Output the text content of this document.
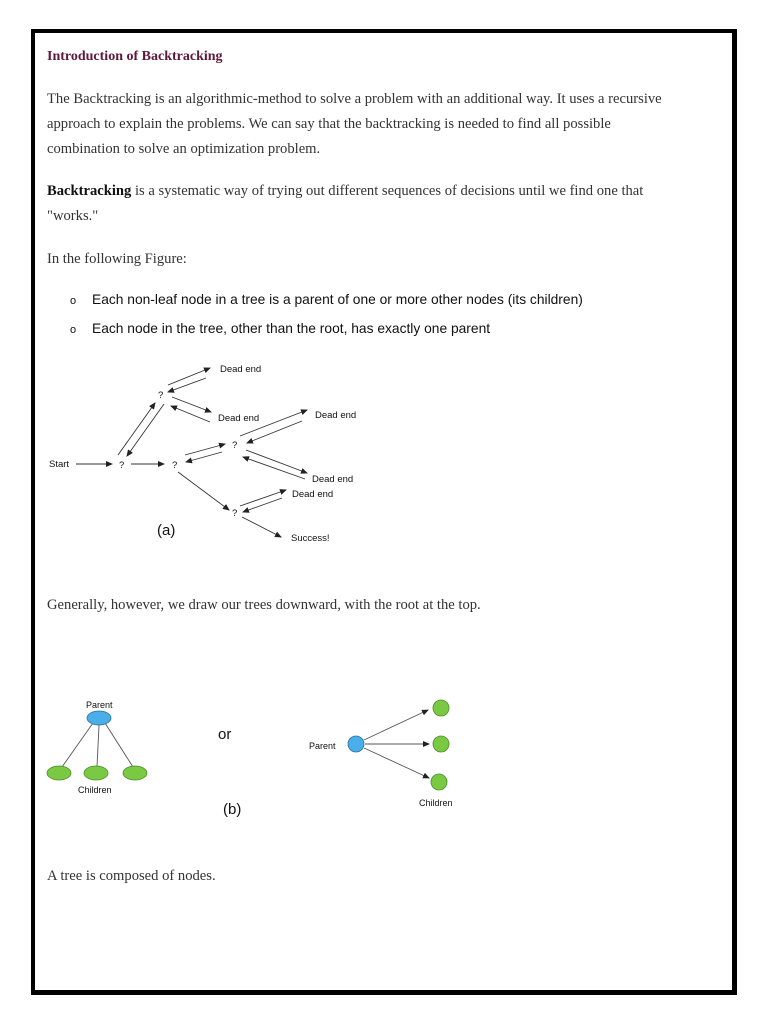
Introduction of Backtracking
The Backtracking is an algorithmic-method to solve a problem with an additional way. It uses a recursive
approach to explain the problems. We can say that the backtracking is needed to find all possible
combination to solve an optimization problem.
Backtracking is a systematic way of trying out different sequences of decisions until we find one that
"works."
In the following Figure:
o Each non-leaf node in a tree is a parent of one or more other nodes (its children)
o Each node in the tree, other than the root, has exactly one parent
Start	?
?
?
?
?
Dead end
Dead end	Dead end
Dead end
Dead end
Success!
(a)
Generally, however, we draw our trees downward, with the root at the top.
Parent
Children
or
(b)
Parent
Children
A tree is composed of nodes.
